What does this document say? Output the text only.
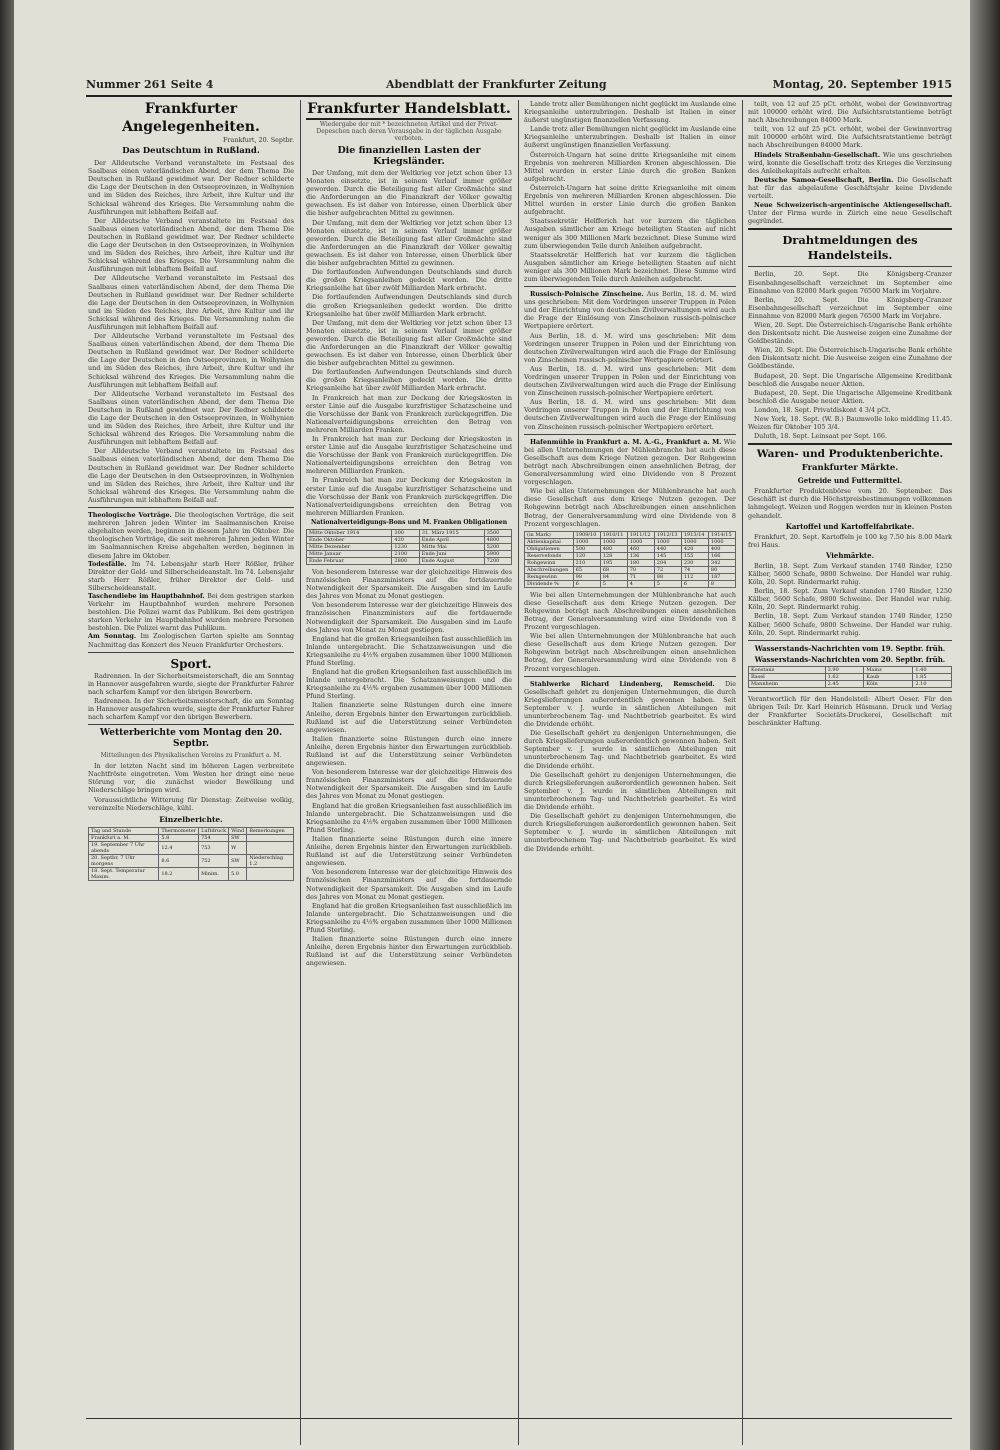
Nummer 261 Seite 4	Abendblatt der Frankfurter Zeitung	Montag, 20. September 1915
Frankfurter Angelegenheiten.
Frankfurt, 20. Septbr.
Das Deutschtum in Rußland.

Der Alldeutsche Verband veranstaltete im Festsaal des Saalbaus einen vaterländischen Abend, der dem Thema Die Deutschen in Rußland gewidmet war. Der Redner schilderte die Lage der Deutschen in den Ostseeprovinzen, in Wolhynien und im Süden des Reiches, ihre Arbeit, ihre Kultur und ihr Schicksal während des Krieges. Die Versammlung nahm die Ausführungen mit lebhaftem Beifall auf.

Der Alldeutsche Verband veranstaltete im Festsaal des Saalbaus einen vaterländischen Abend, der dem Thema Die Deutschen in Rußland gewidmet war. Der Redner schilderte die Lage der Deutschen in den Ostseeprovinzen, in Wolhynien und im Süden des Reiches, ihre Arbeit, ihre Kultur und ihr Schicksal während des Krieges. Die Versammlung nahm die Ausführungen mit lebhaftem Beifall auf.

Der Alldeutsche Verband veranstaltete im Festsaal des Saalbaus einen vaterländischen Abend, der dem Thema Die Deutschen in Rußland gewidmet war. Der Redner schilderte die Lage der Deutschen in den Ostseeprovinzen, in Wolhynien und im Süden des Reiches, ihre Arbeit, ihre Kultur und ihr Schicksal während des Krieges. Die Versammlung nahm die Ausführungen mit lebhaftem Beifall auf.

Der Alldeutsche Verband veranstaltete im Festsaal des Saalbaus einen vaterländischen Abend, der dem Thema Die Deutschen in Rußland gewidmet war. Der Redner schilderte die Lage der Deutschen in den Ostseeprovinzen, in Wolhynien und im Süden des Reiches, ihre Arbeit, ihre Kultur und ihr Schicksal während des Krieges. Die Versammlung nahm die Ausführungen mit lebhaftem Beifall auf.

Der Alldeutsche Verband veranstaltete im Festsaal des Saalbaus einen vaterländischen Abend, der dem Thema Die Deutschen in Rußland gewidmet war. Der Redner schilderte die Lage der Deutschen in den Ostseeprovinzen, in Wolhynien und im Süden des Reiches, ihre Arbeit, ihre Kultur und ihr Schicksal während des Krieges. Die Versammlung nahm die Ausführungen mit lebhaftem Beifall auf.

Der Alldeutsche Verband veranstaltete im Festsaal des Saalbaus einen vaterländischen Abend, der dem Thema Die Deutschen in Rußland gewidmet war. Der Redner schilderte die Lage der Deutschen in den Ostseeprovinzen, in Wolhynien und im Süden des Reiches, ihre Arbeit, ihre Kultur und ihr Schicksal während des Krieges. Die Versammlung nahm die Ausführungen mit lebhaftem Beifall auf.

Theologische Vorträge. Die theologischen Vorträge, die seit mehreren Jahren jeden Winter im Saalmannischen Kreise abgehalten werden, beginnen in diesem Jahre im Oktober. Die theologischen Vorträge, die seit mehreren Jahren jeden Winter im Saalmannischen Kreise abgehalten werden, beginnen in diesem Jahre im Oktober.
Todesfälle. Im 74. Lebensjahr starb Herr Rößler, früher Direktor der Gold- und Silberscheideanstalt. Im 74. Lebensjahr starb Herr Rößler, früher Direktor der Gold- und Silberscheideanstalt.
Taschendiebe im Hauptbahnhof. Bei dem gestrigen starken Verkehr im Hauptbahnhof wurden mehrere Personen bestohlen. Die Polizei warnt das Publikum. Bei dem gestrigen starken Verkehr im Hauptbahnhof wurden mehrere Personen bestohlen. Die Polizei warnt das Publikum.
Am Sonntag. Im Zoologischen Garten spielte am Sonntag Nachmittag das Konzert des Neuen Frankfurter Orchesters.
Sport.

Radrennen. In der Sicherheitsmeisterschaft, die am Sonntag in Hannover ausgefahren wurde, siegte der Frankfurter Fahrer nach scharfem Kampf vor den übrigen Bewerbern.

Radrennen. In der Sicherheitsmeisterschaft, die am Sonntag in Hannover ausgefahren wurde, siegte der Frankfurter Fahrer nach scharfem Kampf vor den übrigen Bewerbern.

Wetterberichte vom Montag den 20. Septbr.
Mitteilungen des Physikalischen Vereins zu Frankfurt a. M.

In der letzten Nacht sind im höheren Lagen verbreitete Nachtfröste eingetreten. Vom Westen her dringt eine neue Störung vor, die zunächst wieder Bewölkung und Niederschläge bringen wird.

Voraussichtliche Witterung für Dienstag: Zeitweise wolkig, vereinzelte Niederschläge, kühl.

Einzelberichte.
Tag und Stunde	Thermometer	Luftdruck	Wind	Bemerkungen
Frankfurt a. M.	5.8	754	SW	
19. September 7 Uhr abends	12.4	753	W	
20. Septbr. 7 Uhr morgens	8.6	752	SW	Niederschlag 1.2
18. Sept. Temperatur Maxim.	18.2	Minim.	5.0	
Frankfurter Handelsblatt.
Wiedergabe der mit * bezeichneten Artikel und der Privat-Depeschen nach deren Vorausgabe in der täglichen Ausgabe verboten.
Die finanziellen Lasten der Kriegsländer.

Der Umfang, mit dem der Weltkrieg vor jetzt schon über 13 Monaten einsetzte, ist in seinem Verlauf immer größer geworden. Durch die Beteiligung fast aller Großmächte sind die Anforderungen an die Finanzkraft der Völker gewaltig gewachsen. Es ist daher von Interesse, einen Überblick über die bisher aufgebrachten Mittel zu gewinnen.

Der Umfang, mit dem der Weltkrieg vor jetzt schon über 13 Monaten einsetzte, ist in seinem Verlauf immer größer geworden. Durch die Beteiligung fast aller Großmächte sind die Anforderungen an die Finanzkraft der Völker gewaltig gewachsen. Es ist daher von Interesse, einen Überblick über die bisher aufgebrachten Mittel zu gewinnen.

Die fortlaufenden Aufwendungen Deutschlands sind durch die großen Kriegsanleihen gedeckt worden. Die dritte Kriegsanleihe hat über zwölf Milliarden Mark erbracht.

Die fortlaufenden Aufwendungen Deutschlands sind durch die großen Kriegsanleihen gedeckt worden. Die dritte Kriegsanleihe hat über zwölf Milliarden Mark erbracht.

Der Umfang, mit dem der Weltkrieg vor jetzt schon über 13 Monaten einsetzte, ist in seinem Verlauf immer größer geworden. Durch die Beteiligung fast aller Großmächte sind die Anforderungen an die Finanzkraft der Völker gewaltig gewachsen. Es ist daher von Interesse, einen Überblick über die bisher aufgebrachten Mittel zu gewinnen.

Die fortlaufenden Aufwendungen Deutschlands sind durch die großen Kriegsanleihen gedeckt worden. Die dritte Kriegsanleihe hat über zwölf Milliarden Mark erbracht.

In Frankreich hat man zur Deckung der Kriegskosten in erster Linie auf die Ausgabe kurzfristiger Schatzscheine und die Vorschüsse der Bank von Frankreich zurückgegriffen. Die Nationalverteidigungsbons erreichten den Betrag von mehreren Milliarden Franken.

In Frankreich hat man zur Deckung der Kriegskosten in erster Linie auf die Ausgabe kurzfristiger Schatzscheine und die Vorschüsse der Bank von Frankreich zurückgegriffen. Die Nationalverteidigungsbons erreichten den Betrag von mehreren Milliarden Franken.

In Frankreich hat man zur Deckung der Kriegskosten in erster Linie auf die Ausgabe kurzfristiger Schatzscheine und die Vorschüsse der Bank von Frankreich zurückgegriffen. Die Nationalverteidigungsbons erreichten den Betrag von mehreren Milliarden Franken.

Nationalverteidigungs-Bons und M. Franken Obligationen
Mitte Oktober 1914	300	31. März 1915	3500
Ende Oktober	420	Ende April	4800
Mitte Dezember	1230	Mitte Mai	5200
Mitte Januar	2100	Ende Juni	5900
Ende Februar	2800	Ende August	7200

Von besonderem Interesse war der gleichzeitige Hinweis des französischen Finanzministers auf die fortdauernde Notwendigkeit der Sparsamkeit. Die Ausgaben sind im Laufe des Jahres von Monat zu Monat gestiegen.

Von besonderem Interesse war der gleichzeitige Hinweis des französischen Finanzministers auf die fortdauernde Notwendigkeit der Sparsamkeit. Die Ausgaben sind im Laufe des Jahres von Monat zu Monat gestiegen.

England hat die großen Kriegsanleihen fast ausschließlich im Inlande untergebracht. Die Schatzanweisungen und die Kriegsanleihe zu 4½% ergaben zusammen über 1000 Millionen Pfund Sterling.

England hat die großen Kriegsanleihen fast ausschließlich im Inlande untergebracht. Die Schatzanweisungen und die Kriegsanleihe zu 4½% ergaben zusammen über 1000 Millionen Pfund Sterling.

Italien finanzierte seine Rüstungen durch eine innere Anleihe, deren Ergebnis hinter den Erwartungen zurückblieb. Rußland ist auf die Unterstützung seiner Verbündeten angewiesen.

Italien finanzierte seine Rüstungen durch eine innere Anleihe, deren Ergebnis hinter den Erwartungen zurückblieb. Rußland ist auf die Unterstützung seiner Verbündeten angewiesen.

Von besonderem Interesse war der gleichzeitige Hinweis des französischen Finanzministers auf die fortdauernde Notwendigkeit der Sparsamkeit. Die Ausgaben sind im Laufe des Jahres von Monat zu Monat gestiegen.

England hat die großen Kriegsanleihen fast ausschließlich im Inlande untergebracht. Die Schatzanweisungen und die Kriegsanleihe zu 4½% ergaben zusammen über 1000 Millionen Pfund Sterling.

Italien finanzierte seine Rüstungen durch eine innere Anleihe, deren Ergebnis hinter den Erwartungen zurückblieb. Rußland ist auf die Unterstützung seiner Verbündeten angewiesen.

Von besonderem Interesse war der gleichzeitige Hinweis des französischen Finanzministers auf die fortdauernde Notwendigkeit der Sparsamkeit. Die Ausgaben sind im Laufe des Jahres von Monat zu Monat gestiegen.

England hat die großen Kriegsanleihen fast ausschließlich im Inlande untergebracht. Die Schatzanweisungen und die Kriegsanleihe zu 4½% ergaben zusammen über 1000 Millionen Pfund Sterling.

Italien finanzierte seine Rüstungen durch eine innere Anleihe, deren Ergebnis hinter den Erwartungen zurückblieb. Rußland ist auf die Unterstützung seiner Verbündeten angewiesen.

Lande trotz aller Bemühungen nicht geglückt im Auslande eine Kriegsanleihe unterzubringen. Deshalb ist Italien in einer äußerst ungünstigen finanziellen Verfassung.

Lande trotz aller Bemühungen nicht geglückt im Auslande eine Kriegsanleihe unterzubringen. Deshalb ist Italien in einer äußerst ungünstigen finanziellen Verfassung.

Österreich-Ungarn hat seine dritte Kriegsanleihe mit einem Ergebnis von mehreren Milliarden Kronen abgeschlossen. Die Mittel wurden in erster Linie durch die großen Banken aufgebracht.

Österreich-Ungarn hat seine dritte Kriegsanleihe mit einem Ergebnis von mehreren Milliarden Kronen abgeschlossen. Die Mittel wurden in erster Linie durch die großen Banken aufgebracht.

Staatssekretär Helfferich hat vor kurzem die täglichen Ausgaben sämtlicher am Kriege beteiligten Staaten auf nicht weniger als 300 Millionen Mark bezeichnet. Diese Summe wird zum überwiegenden Teile durch Anleihen aufgebracht.

Staatssekretär Helfferich hat vor kurzem die täglichen Ausgaben sämtlicher am Kriege beteiligten Staaten auf nicht weniger als 300 Millionen Mark bezeichnet. Diese Summe wird zum überwiegenden Teile durch Anleihen aufgebracht.

Russisch-Polnische Zinscheine. Aus Berlin, 18. d. M. wird uns geschrieben: Mit dem Vordringen unserer Truppen in Polen und der Einrichtung von deutschen Zivilverwaltungen wird auch die Frage der Einlösung von Zinscheinen russisch-polnischer Wertpapiere erörtert.

Aus Berlin, 18. d. M. wird uns geschrieben: Mit dem Vordringen unserer Truppen in Polen und der Einrichtung von deutschen Zivilverwaltungen wird auch die Frage der Einlösung von Zinscheinen russisch-polnischer Wertpapiere erörtert.

Aus Berlin, 18. d. M. wird uns geschrieben: Mit dem Vordringen unserer Truppen in Polen und der Einrichtung von deutschen Zivilverwaltungen wird auch die Frage der Einlösung von Zinscheinen russisch-polnischer Wertpapiere erörtert.

Aus Berlin, 18. d. M. wird uns geschrieben: Mit dem Vordringen unserer Truppen in Polen und der Einrichtung von deutschen Zivilverwaltungen wird auch die Frage der Einlösung von Zinscheinen russisch-polnischer Wertpapiere erörtert.

Hafenmühle in Frankfurt a. M. A.-G., Frankfurt a. M. Wie bei allen Unternehmungen der Mühlenbranche hat auch diese Gesellschaft aus dem Kriege Nutzen gezogen. Der Rohgewinn beträgt nach Abschreibungen einen ansehnlichen Betrag, der Generalversammlung wird eine Dividende von 8 Prozent vorgeschlagen.

Wie bei allen Unternehmungen der Mühlenbranche hat auch diese Gesellschaft aus dem Kriege Nutzen gezogen. Der Rohgewinn beträgt nach Abschreibungen einen ansehnlichen Betrag, der Generalversammlung wird eine Dividende von 8 Prozent vorgeschlagen.

(in Mark)	1909/10	1910/11	1911/12	1912/13	1913/14	1914/15
Aktienkapital	1000	1000	1000	1000	1000	1000
Obligationen	500	480	460	440	420	400
Reservefonds	120	128	136	145	155	166
Rohgewinn	210	195	180	204	230	342
Abschreibungen	65	68	70	72	74	80
Reingewinn	98	84	71	88	112	187
Dividende %	6	5	4	5	6	8

Wie bei allen Unternehmungen der Mühlenbranche hat auch diese Gesellschaft aus dem Kriege Nutzen gezogen. Der Rohgewinn beträgt nach Abschreibungen einen ansehnlichen Betrag, der Generalversammlung wird eine Dividende von 8 Prozent vorgeschlagen.

Wie bei allen Unternehmungen der Mühlenbranche hat auch diese Gesellschaft aus dem Kriege Nutzen gezogen. Der Rohgewinn beträgt nach Abschreibungen einen ansehnlichen Betrag, der Generalversammlung wird eine Dividende von 8 Prozent vorgeschlagen.

Stahlwerke Richard Lindenberg, Remscheid. Die Gesellschaft gehört zu denjenigen Unternehmungen, die durch Kriegslieferungen außerordentlich gewonnen haben. Seit September v. J. wurde in sämtlichen Abteilungen mit ununterbrochenem Tag- und Nachtbetrieb gearbeitet. Es wird die Dividende erhöht.

Die Gesellschaft gehört zu denjenigen Unternehmungen, die durch Kriegslieferungen außerordentlich gewonnen haben. Seit September v. J. wurde in sämtlichen Abteilungen mit ununterbrochenem Tag- und Nachtbetrieb gearbeitet. Es wird die Dividende erhöht.

Die Gesellschaft gehört zu denjenigen Unternehmungen, die durch Kriegslieferungen außerordentlich gewonnen haben. Seit September v. J. wurde in sämtlichen Abteilungen mit ununterbrochenem Tag- und Nachtbetrieb gearbeitet. Es wird die Dividende erhöht.

Die Gesellschaft gehört zu denjenigen Unternehmungen, die durch Kriegslieferungen außerordentlich gewonnen haben. Seit September v. J. wurde in sämtlichen Abteilungen mit ununterbrochenem Tag- und Nachtbetrieb gearbeitet. Es wird die Dividende erhöht.

teilt, von 12 auf 25 pCt. erhöht, wobei der Gewinnvortrag mit 100000 erhöht wird. Die Aufsichtsratstantieme beträgt nach Abschreibungen 84000 Mark.

teilt, von 12 auf 25 pCt. erhöht, wobei der Gewinnvortrag mit 100000 erhöht wird. Die Aufsichtsratstantieme beträgt nach Abschreibungen 84000 Mark.

Hindels Straßenbahn-Gesellschaft. Wie uns geschrieben wird, konnte die Gesellschaft trotz des Krieges die Verzinsung des Anleihekapitals aufrecht erhalten.

Deutsche Samoa-Gesellschaft, Berlin. Die Gesellschaft hat für das abgelaufene Geschäftsjahr keine Dividende verteilt.

Neue Schweizerisch-argentinische Aktiengesellschaft. Unter der Firma wurde in Zürich eine neue Gesellschaft gegründet.

Drahtmeldungen des Handelsteils.

Berlin, 20. Sept. Die Königsberg-Cranzer Eisenbahngesellschaft verzeichnet im September eine Einnahme von 82000 Mark gegen 76500 Mark im Vorjahre.

Berlin, 20. Sept. Die Königsberg-Cranzer Eisenbahngesellschaft verzeichnet im September eine Einnahme von 82000 Mark gegen 76500 Mark im Vorjahre.

Wien, 20. Sept. Die Österreichisch-Ungarische Bank erhöhte den Diskontsatz nicht. Die Ausweise zeigen eine Zunahme der Goldbestände.

Wien, 20. Sept. Die Österreichisch-Ungarische Bank erhöhte den Diskontsatz nicht. Die Ausweise zeigen eine Zunahme der Goldbestände.

Budapest, 20. Sept. Die Ungarische Allgemeine Kreditbank beschloß die Ausgabe neuer Aktien.

Budapest, 20. Sept. Die Ungarische Allgemeine Kreditbank beschloß die Ausgabe neuer Aktien.

London, 18. Sept. Privatdiskont 4 3/4 pCt.

New York, 18. Sept. (W. B.) Baumwolle loko middling 11.45. Weizen für Oktober 105 3/4.

Duluth, 18. Sept. Leinsaat per Sept. 166.

Waren- und Produktenberichte.
Frankfurter Märkte.
Getreide und Futtermittel.

Frankfurter Produktenbörse vom 20. September. Das Geschäft ist durch die Höchstpreisbestimmungen vollkommen lahmgelegt. Weizen und Roggen werden nur in kleinen Posten gehandelt.

Kartoffel und Kartoffelfabrikate.

Frankfurt, 20. Sept. Kartoffeln je 100 kg 7.50 bis 8.00 Mark frei Haus.

Viehmärkte.

Berlin, 18. Sept. Zum Verkauf standen 1740 Rinder, 1250 Kälber, 5600 Schafe, 9800 Schweine. Der Handel war ruhig. Köln, 20. Sept. Rindermarkt ruhig.

Berlin, 18. Sept. Zum Verkauf standen 1740 Rinder, 1250 Kälber, 5600 Schafe, 9800 Schweine. Der Handel war ruhig. Köln, 20. Sept. Rindermarkt ruhig.

Berlin, 18. Sept. Zum Verkauf standen 1740 Rinder, 1250 Kälber, 5600 Schafe, 9800 Schweine. Der Handel war ruhig. Köln, 20. Sept. Rindermarkt ruhig.

Wasserstands-Nachrichten vom 19. Septbr. früh.
Wasserstands-Nachrichten vom 20. Septbr. früh.
Konstanz	3.90	Mainz	1.40
Basel	1.62	Kaub	1.85
Mannheim	2.45	Köln	2.10
Verantwortlich für den Handelsteil: Albert Oeser. Für den übrigen Teil: Dr. Karl Heinrich Hüsmann. Druck und Verlag der Frankfurter Societäts-Druckerei, Gesellschaft mit beschränkter Haftung.
